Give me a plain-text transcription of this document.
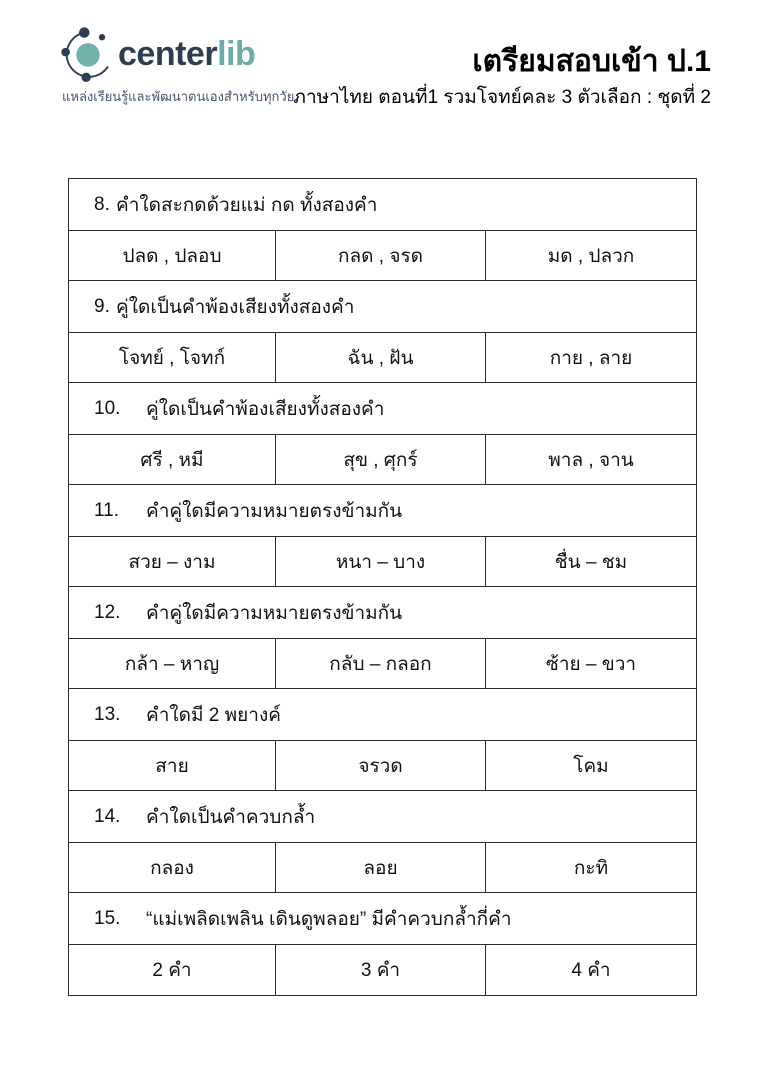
centerlib
แหล่งเรียนรู้และพัฒนาตนเองสำหรับทุกวัย
เตรียมสอบเข้า ป.1
ภาษาไทย ตอนที่1 รวมโจทย์คละ 3 ตัวเลือก : ชุดที่ 2
8. คำใดสะกดด้วยแม่ กด ทั้งสองคำ
ปลด , ปลอบ	กลด , จรด	มด , ปลวก
9. คู่ใดเป็นคำพ้องเสียงทั้งสองคำ
โจทย์ , โจทก์	ฉัน , ฝัน	กาย , ลาย
10.	คู่ใดเป็นคำพ้องเสียงทั้งสองคำ
ศรี , หมี	สุข , ศุกร์	พาล , จาน
11.	คำคู่ใดมีความหมายตรงข้ามกัน
สวย – งาม	หนา – บาง	ชื่น – ชม
12.	คำคู่ใดมีความหมายตรงข้ามกัน
กล้า – หาญ	กลับ – กลอก	ซ้าย – ขวา
13.	คำใดมี 2 พยางค์
สาย	จรวด	โคม
14.	คำใดเป็นคำควบกล้ำ
กลอง	ลอย	กะทิ
15.	“แม่เพลิดเพลิน เดินดูพลอย” มีคำควบกล้ำกี่คำ
2 คำ	3 คำ	4 คำ
